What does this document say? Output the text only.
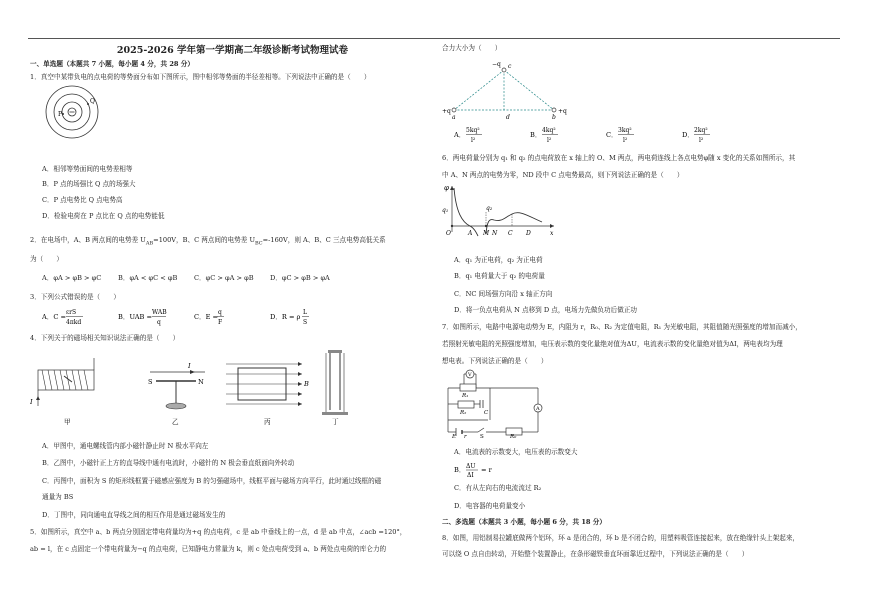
2025-2026 学年第一学期高二年级诊断考试物理试卷
一、单选题（本题共 7 小题，每小题 4 分，共 28 分）
1．真空中某带负电的点电荷的等势面分布如下图所示，图中相邻等势面的半径差相等。下列说法中正确的是（　　）
P
Q
A．相邻等势面间的电势差相等
B．P 点的场强比 Q 点的场强大
C．P 点电势比 Q 点电势高
D．检验电荷在 P 点比在 Q 点的电势能低
2．在电场中，A、B 两点间的电势差 $U_{AB}=100V$，B、C 两点间的电势差 $U_{BC}=-160V$，则 A、B、C 三点电势高低关系
为（　　）
A．φA > φB > φC	B．φA < φC < φB	C．φC > φA > φB D．φC > φB > φA
3．下列公式错误的是（　　）
A．C =
εrS
4πkd
B．UAB =
WAB
q
C．E =
q
F
D．R = ρ
L
S
4．下列关于的磁场相关知识说法正确的是（　　）
I
甲
I
S	N
乙
B
丙	丁
A．甲图中，通电螺线管内部小磁针静止时 N 极水平向左
B．乙图中，小磁针正上方的直导线中通有电流时，小磁针的 N 极会垂直纸面向外转动
C．丙图中，面积为 S 的矩形线框置于磁感应强度为 B 的匀强磁场中，线框平面与磁场方向平行，此时通过线框的磁
通量为 BS
D．丁图中，同向通电直导线之间的相互作用是通过磁场发生的
5．如图所示，真空中 a、b 两点分别固定带电荷量均为+q 的点电荷，c 是 ab 中垂线上的一点，d 是 ab 中点，∠acb =120°，
ab = l，在 c 点固定一个带电荷量为−q 的点电荷，已知静电力常量为 k，则 c 处点电荷受到 a、b 两处点电荷的库仑力的
合力大小为（　　）
−q c
+q
a	d	b
+q
A．
5kq²
l²
B．
4kq²
l²
C．
3kq²
l²
D．
2kq²
l²
6．两电荷量分别为 q₁ 和 q₂ 的点电荷放在 x 轴上的 O、M 两点，两电荷连线上各点电势φ随 x 变化的关系如图所示，其
中 A、N 两点的电势为零，ND 段中 C 点电势最高，则下列说法正确的是（　　）
φ
q₁	q₂
O	A M N C D	x
A．q₁ 为正电荷，q₂ 为正电荷
B．q₁ 电荷量大于 q₂ 的电荷量
C．NC 间场强方向沿 x 轴正方向
D．将一负点电荷从 N 点移到 D 点，电场力先做负功后做正功
7．如图所示，电路中电源电动势为 E，内阻为 r，R₀、R₂ 为定值电阻，R₁ 为光敏电阻，其阻值随光照强度的增加而减小，
若照射光敏电阻的光照强度增加，电压表示数的变化量绝对值为ΔU，电流表示数的变化量绝对值为ΔI，两电表均为理
想电表。下列说法正确的是（　　）
V
R₁
R₂	C
A
E r S	R₀
A．电流表的示数变大，电压表的示数变大
B． ΔU
ΔI
= r
C．有从左向右的电流流过 R₂
D．电容器的电荷量变小
二、多选题（本题共 3 小题，每小题 6 分，共 18 分）
8．如图，用铝制易拉罐底做两个铝环，环 a 是闭合的，环 b 是不闭合的，用塑料吸管连接起来，放在绝缘针头上架起来，
可以绕 O 点自由转动，开始整个装置静止，在条形磁铁垂直环面靠近过程中，下列说法正确的是（　　）
